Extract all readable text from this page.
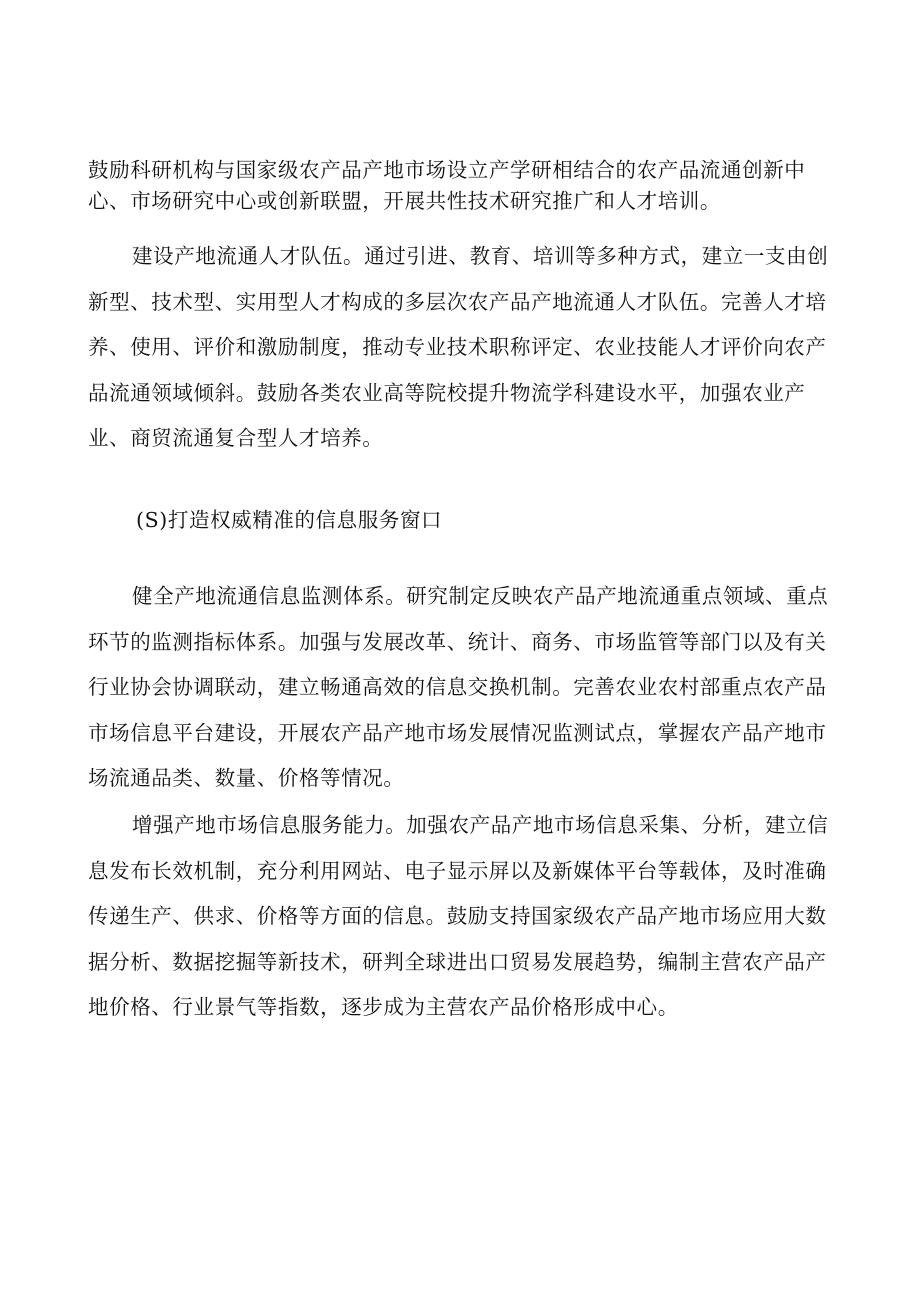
鼓励科研机构与国家级农产品产地市场设立产学研相结合的农产品流通创新中心、市场研究中心或创新联盟，开展共性技术研究推广和人才培训。

建设产地流通人才队伍。通过引进、教育、培训等多种方式，建立一支由创新型、技术型、实用型人才构成的多层次农产品产地流通人才队伍。完善人才培养、使用、评价和激励制度，推动专业技术职称评定、农业技能人才评价向农产品流通领域倾斜。鼓励各类农业高等院校提升物流学科建设水平，加强农业产业、商贸流通复合型人才培养。

(S)打造权威精准的信息服务窗口

健全产地流通信息监测体系。研究制定反映农产品产地流通重点领域、重点环节的监测指标体系。加强与发展改革、统计、商务、市场监管等部门以及有关行业协会协调联动，建立畅通高效的信息交换机制。完善农业农村部重点农产品市场信息平台建设，开展农产品产地市场发展情况监测试点，掌握农产品产地市场流通品类、数量、价格等情况。

增强产地市场信息服务能力。加强农产品产地市场信息采集、分析，建立信息发布长效机制，充分利用网站、电子显示屏以及新媒体平台等载体，及时准确传递生产、供求、价格等方面的信息。鼓励支持国家级农产品产地市场应用大数据分析、数据挖掘等新技术，研判全球进出口贸易发展趋势，编制主营农产品产地价格、行业景气等指数，逐步成为主营农产品价格形成中心。
